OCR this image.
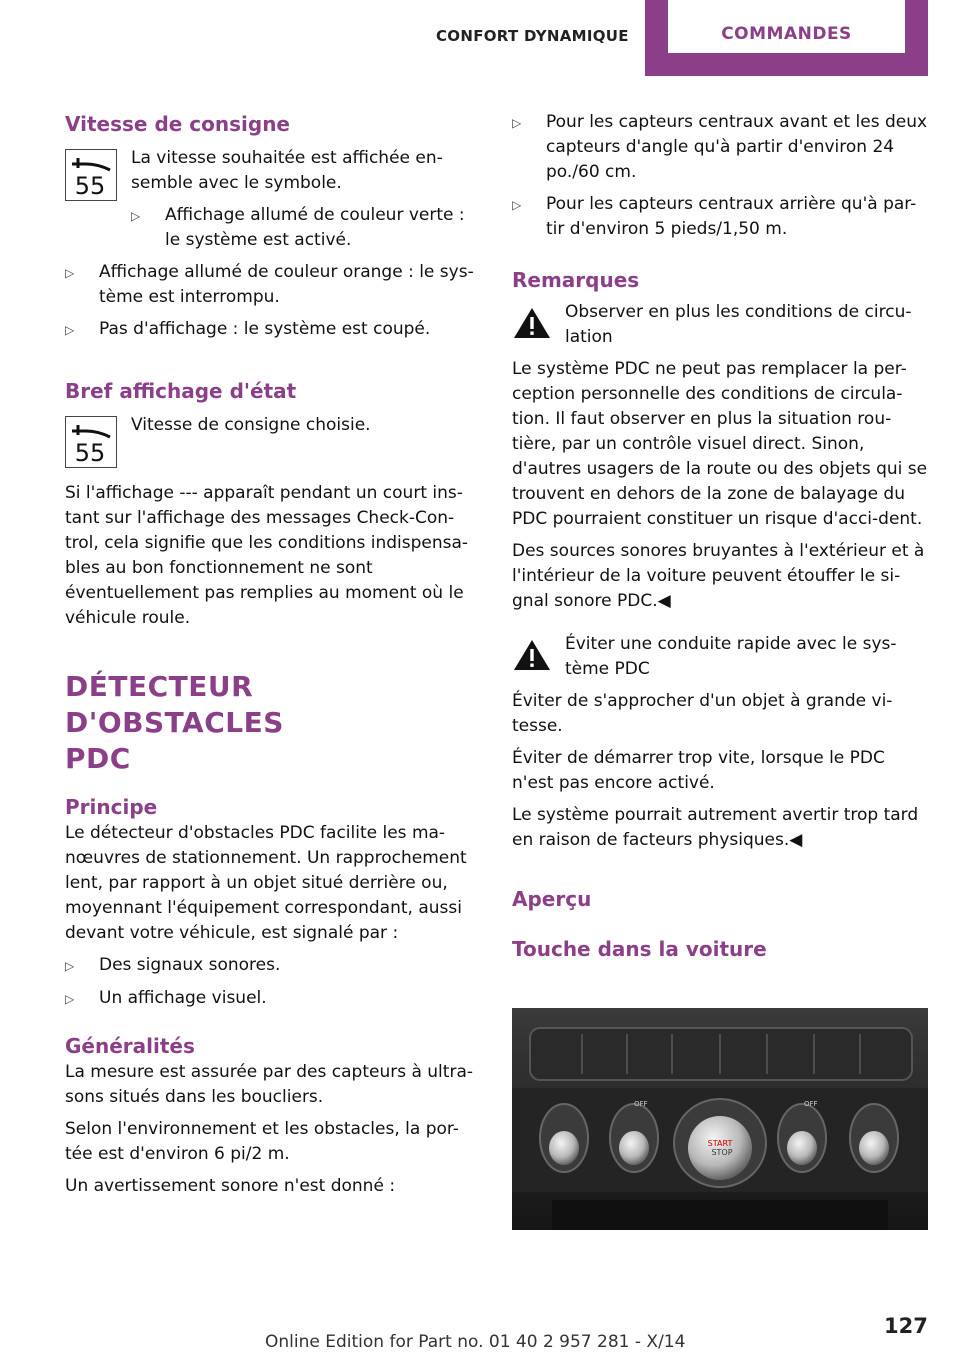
CONFORT DYNAMIQUE	COMMANDES
Vitesse de consigne
55

La vitesse souhaitée est affichée en-semble avec le symbole.

▷	Affichage allumé de couleur verte : le système est activé.
▷	Affichage allumé de couleur orange : le sys-tème est interrompu.
▷	Pas d'affichage : le système est coupé.
Bref affichage d'état
55

Vitesse de consigne choisie.

Si l'affichage --- apparaît pendant un court ins-tant sur l'affichage des messages Check-Con-trol, cela signifie que les conditions indispensa-bles au bon fonctionnement ne sont éventuellement pas remplies au moment où le véhicule roule.

DÉTECTEUR D'OBSTACLES
PDC
Principe

Le détecteur d'obstacles PDC facilite les ma-nœuvres de stationnement. Un rapprochement lent, par rapport à un objet situé derrière ou, moyennant l'équipement correspondant, aussi devant votre véhicule, est signalé par :

▷	Des signaux sonores.
▷	Un affichage visuel.
Généralités

La mesure est assurée par des capteurs à ultra-sons situés dans les boucliers.

Selon l'environnement et les obstacles, la por-tée est d'environ 6 pi/2 m.

Un avertissement sonore n'est donné :

▷	Pour les capteurs centraux avant et les deux capteurs d'angle qu'à partir d'environ 24 po./60 cm.
▷	Pour les capteurs centraux arrière qu'à par-tir d'environ 5 pieds/1,50 m.
Remarques

Observer en plus les conditions de circu-lation

Le système PDC ne peut pas remplacer la per-ception personnelle des conditions de circula-tion. Il faut observer en plus la situation rou-tière, par un contrôle visuel direct. Sinon, d'autres usagers de la route ou des objets qui se trouvent en dehors de la zone de balayage du PDC pourraient constituer un risque d'acci-dent.

Des sources sonores bruyantes à l'extérieur et à l'intérieur de la voiture peuvent étouffer le si-gnal sonore PDC.◀

Éviter une conduite rapide avec le sys-tème PDC

Éviter de s'approcher d'un objet à grande vi-tesse.

Éviter de démarrer trop vite, lorsque le PDC n'est pas encore activé.

Le système pourrait autrement avertir trop tard en raison de facteurs physiques.◀

Aperçu
Touche dans la voiture
START
STOP
OFF	OFF
127
Online Edition for Part no. 01 40 2 957 281 - X/14
